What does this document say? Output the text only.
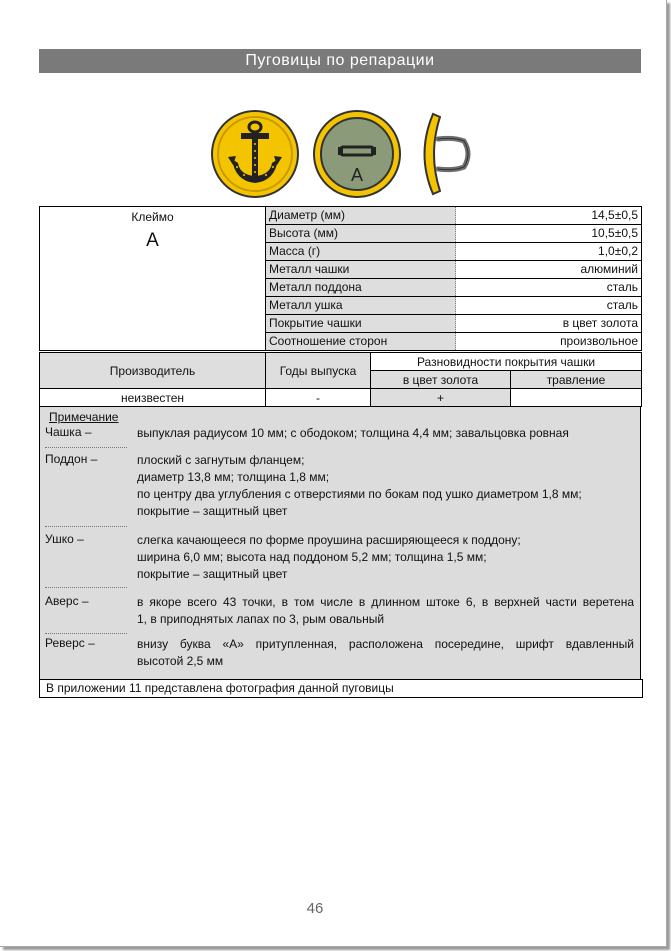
Пуговицы по репарации
А
Клеймо
А	Диаметр (мм)	14,5±0,5
	Высота (мм)	10,5±0,5
	Масса (г)	1,0±0,2
	Металл чашки	алюминий
	Металл поддона	сталь
	Металл ушка	сталь
	Покрытие чашки	в цвет золота
	Соотношение сторон	произвольное
Производитель	Годы выпуска	Разновидности покрытия чашки	
		в цвет золота	травление
неизвестен	-	+	
Примечание
Чашка –	выпуклая радиусом 10 мм; с ободоком; толщина 4,4 мм; завальцовка ровная
Поддон –	плоский с загнутым фланцем;
диаметр 13,8 мм; толщина 1,8 мм;
по центру два углубления с отверстиями по бокам под ушко диаметром 1,8 мм;
покрытие – защитный цвет
Ушко –	слегка качающееся по форме проушина расширяющееся к поддону;
ширина 6,0 мм; высота над поддоном 5,2 мм; толщина 1,5 мм;
покрытие – защитный цвет
Аверс –	в якоре всего 43 точки, в том числе в длинном штоке 6, в верхней части веретена
1, в приподнятых лапах по 3, рым овальный
Реверс –	внизу буква «А» притупленная, расположена посередине, шрифт вдавленный
высотой 2,5 мм
В приложении 11 представлена фотография данной пуговицы
46
